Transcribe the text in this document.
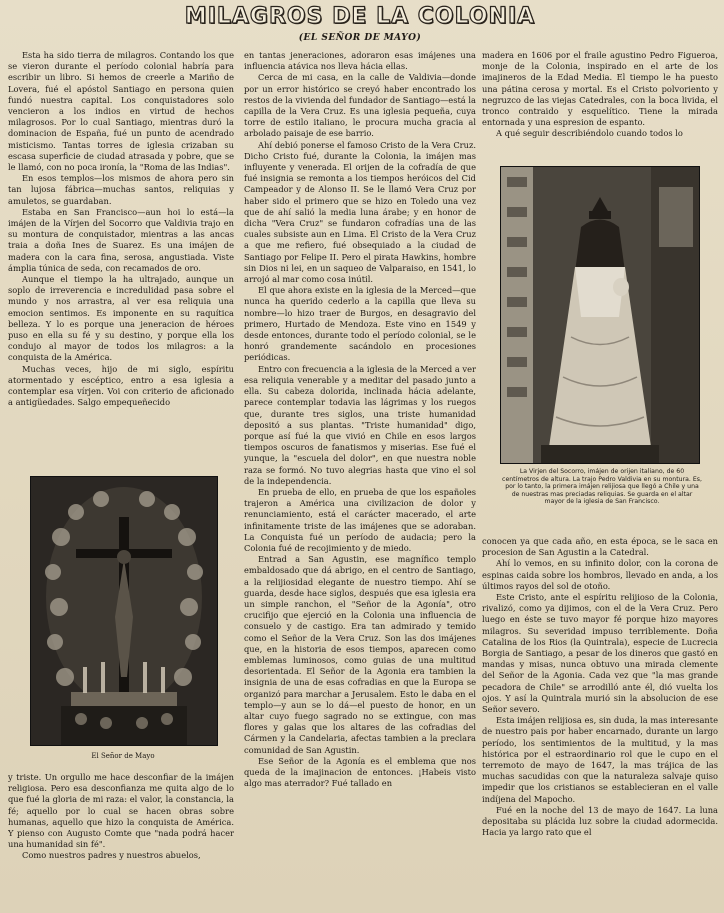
MILAGROS DE LA COLONIA
(EL SEÑOR DE MAYO)

Esta ha sido tierra de milagros. Contando los que se vieron durante el período colonial habría para escribir un libro. Si hemos de creerle a Mariño de Lovera, fué el apóstol Santiago en persona quien fundó nuestra capital. Los conquistadores solo vencieron a los indios en virtud de hechos milagrosos. Por lo cual Santiago, mientras duró la dominacion de España, fué un punto de acendrado misticismo. Tantas torres de iglesia crizaban su escasa superficie de ciudad atrasada y pobre, que se le llamó, con no poca ironía, la "Roma de las Indias".

En esos templos—los mismos de ahora pero sin tan lujosa fábrica—muchas santos, reliquias y amuletos, se guardaban.

Estaba en San Francisco—aun hoi lo está—la imájen de la Vírjen del Socorro que Valdivia trajo en su montura de conquistador, mientras a las ancas traia a doña Ines de Suarez. Es una imájen de madera con la cara fina, serosa, angustiada. Viste ámplia túnica de seda, con recamados de oro.

Aunque el tiempo la ha ultrajado, aunque un soplo de irreverencia e incredulidad pasa sobre el mundo y nos arrastra, al ver esa reliquia una emocion sentimos. Es imponente en su raquítica belleza. Y lo es porque una jeneracion de héroes puso en ella su fé y su destino, y porque ella los condujo al mayor de todos los milagros: a la conquista de la América.

Muchas veces, hijo de mi siglo, espíritu atormentado y escéptico, entro a esa iglesia a contemplar esa vírjen. Voi con criterio de aficionado a antigüedades. Salgo empequeñecido

El Señor de Mayo

y triste. Un orgullo me hace desconfiar de la imájen religiosa. Pero esa desconfianza me quita algo de lo que fué la gloria de mi raza: el valor, la constancia, la fé; aquello por lo cual se hacen obras sobre humanas, aquello que hizo la conquista de América. Y pienso con Augusto Comte que "nada podrá hacer una humanidad sin fé".

Como nuestros padres y nuestros abuelos,

en tantas jeneraciones, adoraron esas imájenes una influencia atávica nos lleva hácia ellas.

Cerca de mi casa, en la calle de Valdivia—donde por un error histórico se creyó haber encontrado los restos de la vivienda del fundador de Santiago—está la capilla de la Vera Cruz. Es una iglesia pequeña, cuya torre de estilo italiano, le procura mucha gracia al arbolado paisaje de ese barrio.

Ahí debió ponerse el famoso Cristo de la Vera Cruz. Dicho Cristo fué, durante la Colonia, la imájen mas influyente y venerada. El orijen de la cofradía de que fué insignia se remonta a los tiempos heróicos del Cid Campeador y de Alonso II. Se le llamó Vera Cruz por haber sido el primero que se hizo en Toledo una vez que de ahí salió la media luna árabe; y en honor de dicha "Vera Cruz" se fundaron cofradías una de las cuales subsiste aun en Lima. El Cristo de la Vera Cruz a que me refiero, fué obsequiado a la ciudad de Santiago por Felipe II. Pero el pirata Hawkins, hombre sin Dios ni lei, en un saqueo de Valparaiso, en 1541, lo arrojó al mar como cosa inútil.

El que ahora existe en la iglesia de la Merced—que nunca ha querido cederlo a la capilla que lleva su nombre—lo hizo traer de Burgos, en desagravio del primero, Hurtado de Mendoza. Este vino en 1549 y desde entonces, durante todo el período colonial, se le honró grandemente sacándolo en procesiones periódicas.

Entro con frecuencia a la iglesia de la Merced a ver esa reliquia venerable y a meditar del pasado junto a ella. Su cabeza dolorida, inclinada hácia adelante, parece contemplar todavia las lágrimas y los ruegos que, durante tres siglos, una triste humanidad depositó a sus plantas. "Triste humanidad" digo, porque así fué la que vivió en Chile en esos largos tiempos oscuros de fanatismos y miserias. Ese fué el yunque, la "escuela del dolor", en que nuestra noble raza se formó. No tuvo alegrias hasta que vino el sol de la independencia.

En prueba de ello, en prueba de que los españoles trajeron a América una civilizacion de dolor y renunciamiento, está el carácter macerado, el arte infinitamente triste de las imájenes que se adoraban. La Conquista fué un período de audacia; pero la Colonia fué de recojimiento y de miedo.

Entrad a San Agustin, ese magnífico templo embaldosado que dá abrigo, en el centro de Santiago, a la relijiosidad elegante de nuestro tiempo. Ahí se guarda, desde hace siglos, después que esa iglesia era un simple ranchon, el "Señor de la Agonía", otro crucifijo que ejerció en la Colonia una influencia de consuelo y de castigo. Era tan admirado y temido como el Señor de la Vera Cruz. Son las dos imájenes que, en la historia de esos tiempos, aparecen como emblemas luminosos, como guias de una multitud desorientada. El Señor de la Agonia era tambien la insignia de una de esas cofradias en que la Europa se organizó para marchar a Jerusalem. Esto le daba en el templo—y aun se lo dá—el puesto de honor, en un altar cuyo fuego sagrado no se extingue, con mas flores y galas que los altares de las cofradias del Cármen y la Candelaria, afectas tambien a la preclara comunidad de San Agustin.

Ese Señor de la Agonía es el emblema que nos queda de la imajinacion de entonces. ¡Habeis visto algo mas aterrador? Fué tallado en

madera en 1606 por el fraile agustino Pedro Figueroa, monje de la Colonia, inspirado en el arte de los imajineros de la Edad Media. El tiempo le ha puesto una pátina cerosa y mortal. Es el Cristo polvoriento y negruzco de las viejas Catedrales, con la boca livida, el tronco contraido y esquelítico. Tiene la mirada entornada y una espresion de espanto.

A qué seguir describiéndolo cuando todos lo

La Virjen del Socorro, imájen de orijen italiano, de 60 centímetros de altura. La trajo Pedro Valdivia en su montura. Es, por lo tanto, la primera imájen relijiosa que llegó a Chile y una de nuestras mas preciadas reliquias. Se guarda en el altar mayor de la iglesia de San Francisco.

conocen ya que cada año, en esta época, se le saca en procesion de San Agustin a la Catedral.

Ahí lo vemos, en su infinito dolor, con la corona de espinas caida sobre los hombros, llevado en anda, a los últimos rayos del sol de otoño.

Este Cristo, ante el espíritu relijioso de la Colonia, rivalizó, como ya dijimos, con el de la Vera Cruz. Pero luego en éste se tuvo mayor fé porque hizo mayores milagros. Su severidad impuso terriblemente. Doña Catalina de los Rios (la Quintrala), especie de Lucrecia Borgia de Santiago, a pesar de los dineros que gastó en mandas y misas, nunca obtuvo una mirada clemente del Señor de la Agonia. Cada vez que "la mas grande pecadora de Chile" se arrodilló ante él, dió vuelta los ojos. Y así la Quintrala murió sin la absolucion de ese Señor severo.

Esta imájen relijiosa es, sin duda, la mas interesante de nuestro pais por haber encarnado, durante un largo período, los sentimientos de la multitud, y la mas histórica por el estraordinario rol que le cupo en el terremoto de mayo de 1647, la mas trájica de las muchas sacudidas con que la naturaleza salvaje quiso impedir que los cristianos se establecieran en el valle indíjena del Mapocho.

Fué en la noche del 13 de mayo de 1647. La luna depositaba su plácida luz sobre la ciudad adormecida. Hacia ya largo rato que el
